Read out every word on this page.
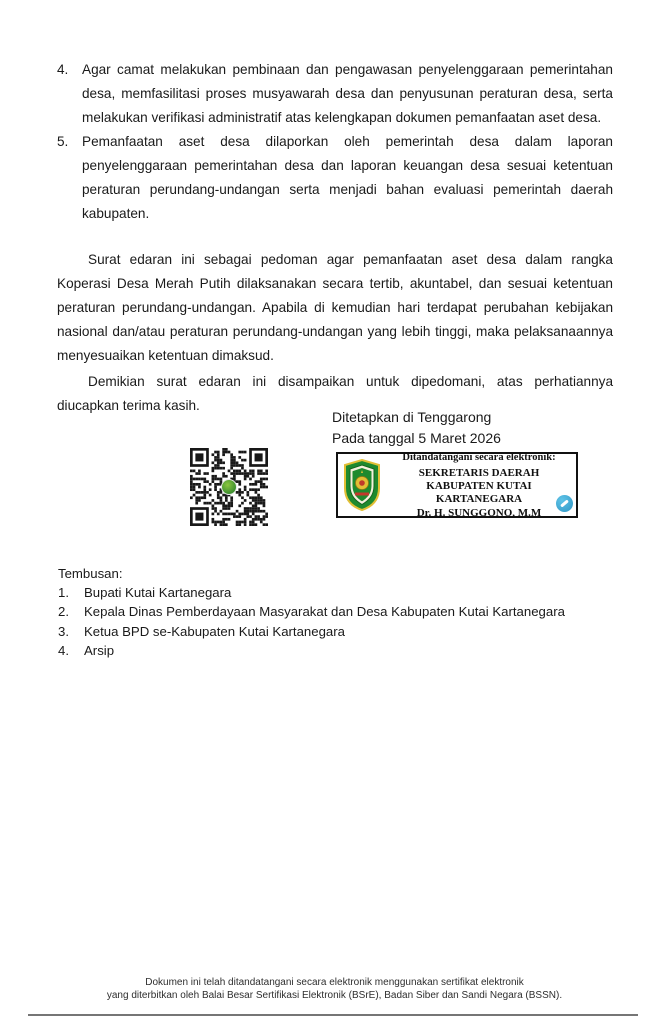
4.	Agar camat melakukan pembinaan dan pengawasan penyelenggaraan pemerintahan desa, memfasilitasi proses musyawarah desa dan penyusunan peraturan desa, serta melakukan verifikasi administratif atas kelengkapan dokumen pemanfaatan aset desa.
5.	Pemanfaatan aset desa dilaporkan oleh pemerintah desa dalam laporan penyelenggaraan pemerintahan desa dan laporan keuangan desa sesuai ketentuan peraturan perundang-undangan serta menjadi bahan evaluasi pemerintah daerah kabupaten.
Surat edaran ini sebagai pedoman agar pemanfaatan aset desa dalam rangka Koperasi Desa Merah Putih dilaksanakan secara tertib, akuntabel, dan sesuai ketentuan peraturan perundang-undangan. Apabila di kemudian hari terdapat perubahan kebijakan nasional dan/atau peraturan perundang-undangan yang lebih tinggi, maka pelaksanaannya menyesuaikan ketentuan dimaksud.
Demikian surat edaran ini disampaikan untuk dipedomani, atas perhatiannya diucapkan terima kasih.
Ditetapkan di Tenggarong
Pada tanggal 5 Maret 2026
Ditandatangani secara elektronik:
SEKRETARIS DAERAH
KABUPATEN KUTAI KARTANEGARA
Dr. H. SUNGGONO, M.M
Tembusan:
1.	Bupati Kutai Kartanegara
2.	Kepala Dinas Pemberdayaan Masyarakat dan Desa Kabupaten Kutai Kartanegara
3.	Ketua BPD se-Kabupaten Kutai Kartanegara
4.	Arsip
Dokumen ini telah ditandatangani secara elektronik menggunakan sertifikat elektronik
yang diterbitkan oleh Balai Besar Sertifikasi Elektronik (BSrE), Badan Siber dan Sandi Negara (BSSN).
